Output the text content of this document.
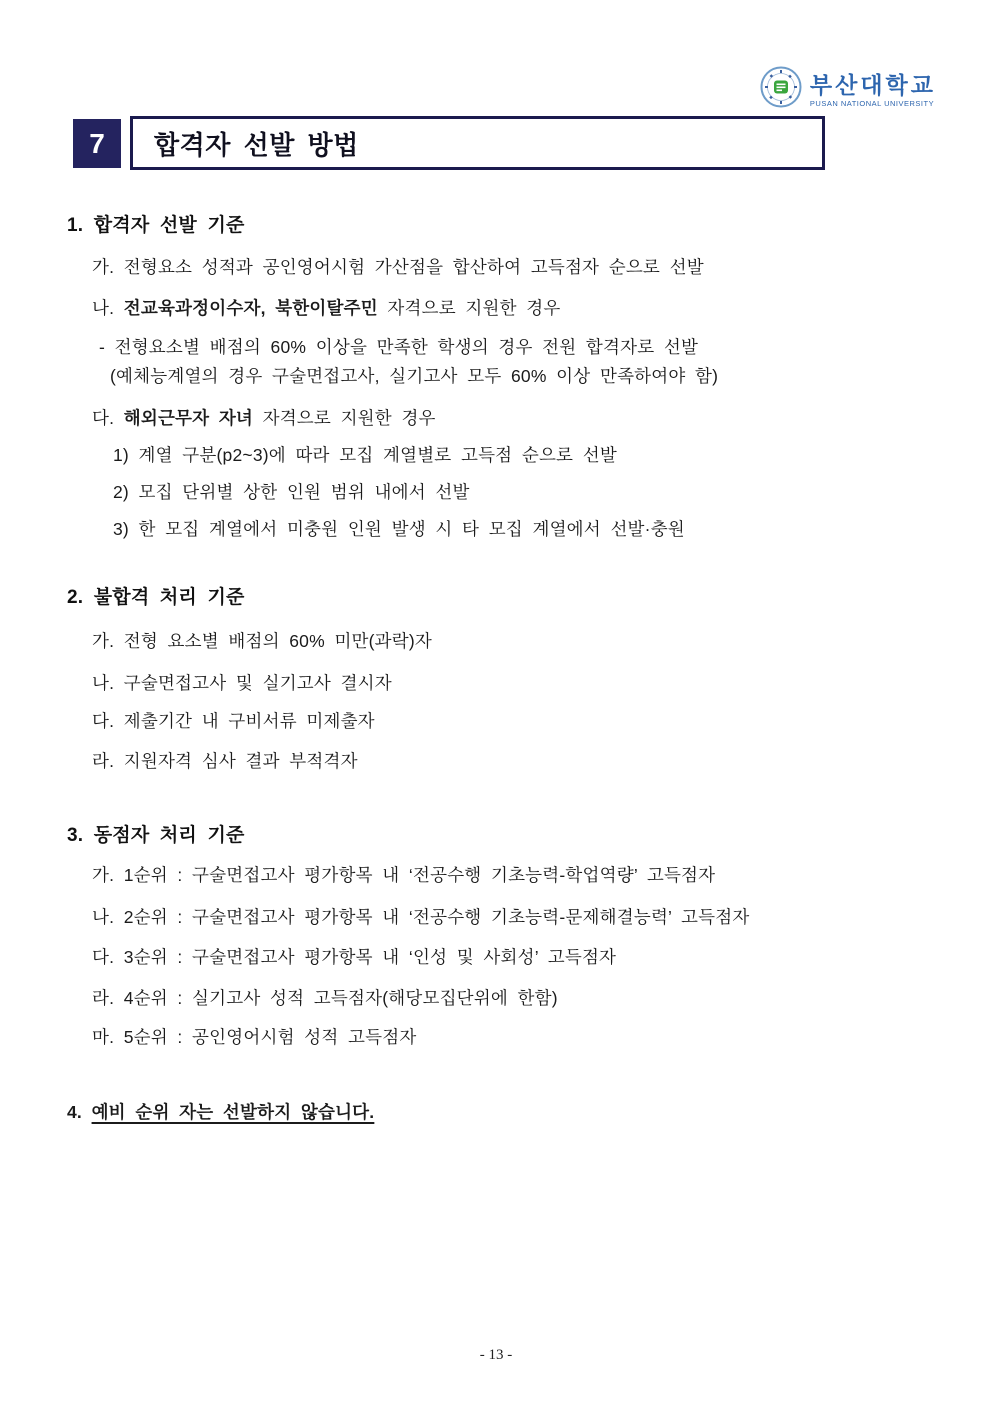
부산대학교
PUSAN NATIONAL UNIVERSITY
7	합격자 선발 방법
1. 합격자 선발 기준
가. 전형요소 성적과 공인영어시험 가산점을 합산하여 고득점자 순으로 선발
나. 전교육과정이수자, 북한이탈주민 자격으로 지원한 경우
- 전형요소별 배점의 60% 이상을 만족한 학생의 경우 전원 합격자로 선발
(예체능계열의 경우 구술면접고사, 실기고사 모두 60% 이상 만족하여야 함)
다. 해외근무자 자녀 자격으로 지원한 경우
1) 계열 구분(p2~3)에 따라 모집 계열별로 고득점 순으로 선발
2) 모집 단위별 상한 인원 범위 내에서 선발
3) 한 모집 계열에서 미충원 인원 발생 시 타 모집 계열에서 선발·충원
2. 불합격 처리 기준
가. 전형 요소별 배점의 60% 미만(과락)자
나. 구술면접고사 및 실기고사 결시자
다. 제출기간 내 구비서류 미제출자
라. 지원자격 심사 결과 부적격자
3. 동점자 처리 기준
가. 1순위 : 구술면접고사 평가항목 내 ‘전공수행 기초능력-학업역량’ 고득점자
나. 2순위 : 구술면접고사 평가항목 내 ‘전공수행 기초능력-문제해결능력’ 고득점자
다. 3순위 : 구술면접고사 평가항목 내 ‘인성 및 사회성’ 고득점자
라. 4순위 : 실기고사 성적 고득점자(해당모집단위에 한함)
마. 5순위 : 공인영어시험 성적 고득점자
4. 예비 순위 자는 선발하지 않습니다.
- 13 -
